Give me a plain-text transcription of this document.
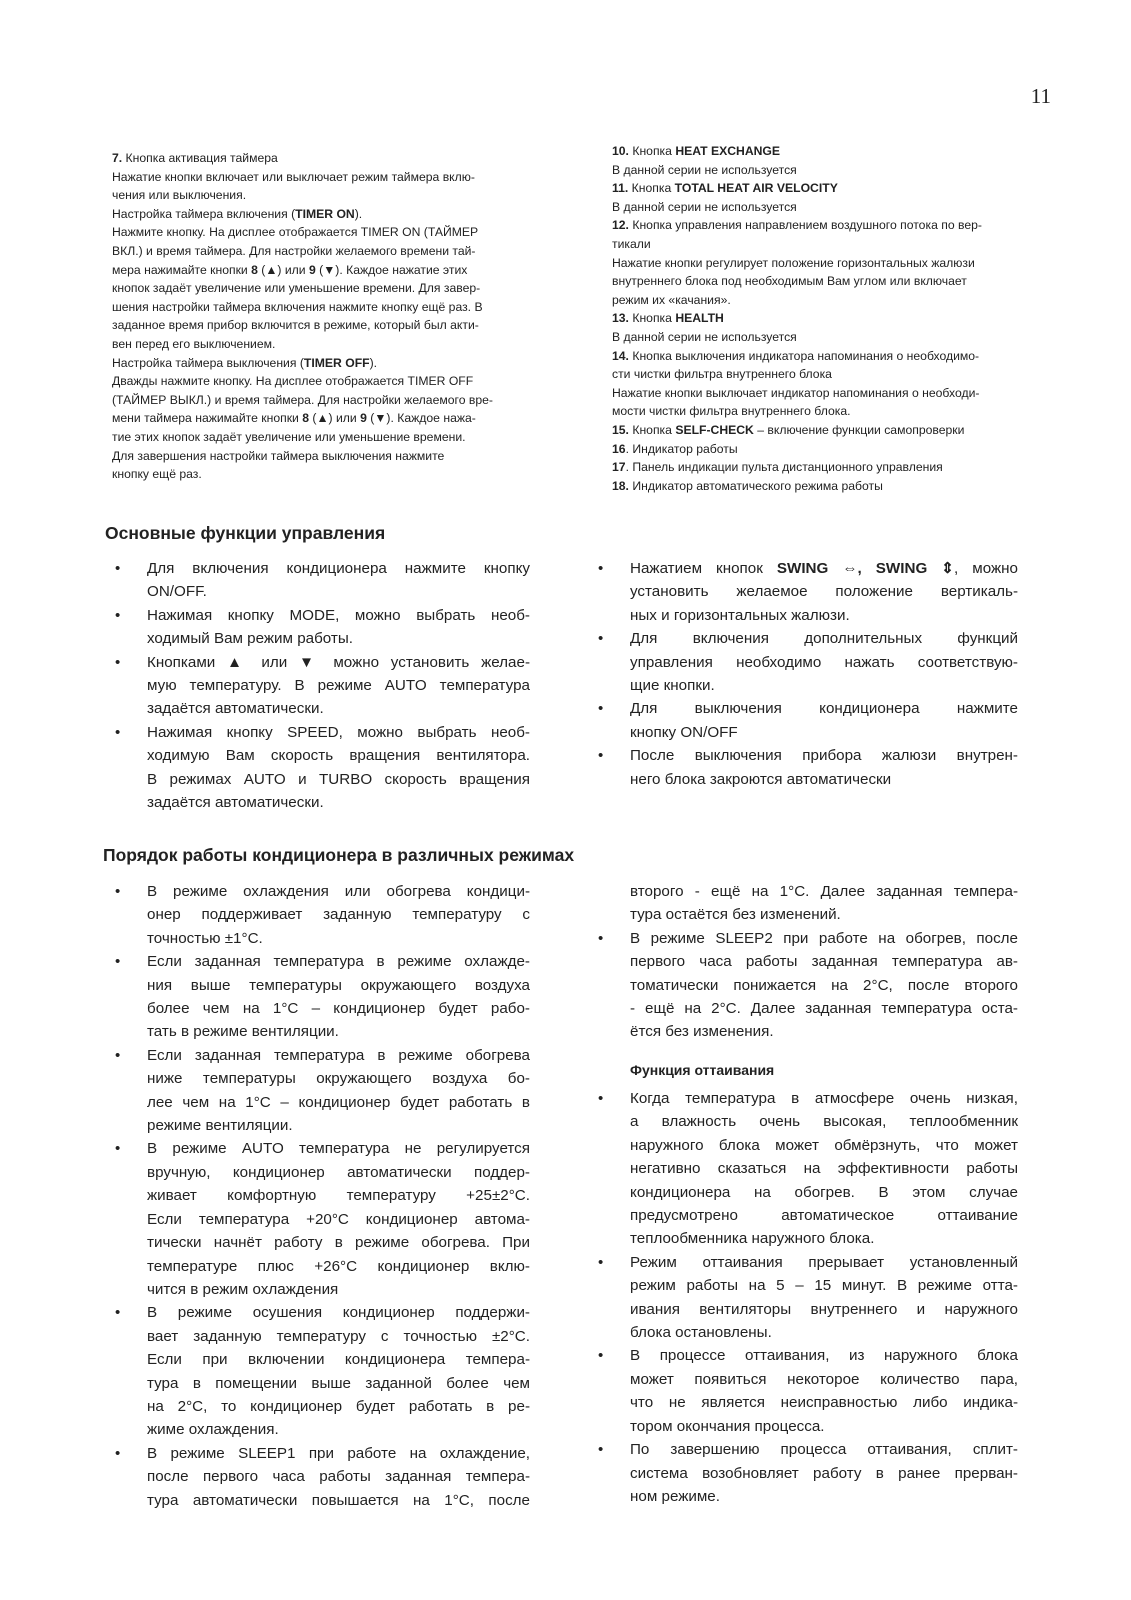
11

7. Кнопка активация таймера

Нажатие кнопки включает или выключает режим таймера вклю-

чения или выключения.

Настройка таймера включения (TIMER ON).

Нажмите кнопку. На дисплее отображается TIMER ON (ТАЙМЕР

ВКЛ.) и время таймера. Для настройки желаемого времени тай-

мера нажимайте кнопки 8 (▲) или 9 (▼). Каждое нажатие этих

кнопок задаёт увеличение или уменьшение времени. Для завер-

шения настройки таймера включения нажмите кнопку ещё раз. В

заданное время прибор включится в режиме, который был акти-

вен перед его выключением.

Настройка таймера выключения (TIMER OFF).

Дважды нажмите кнопку. На дисплее отображается TIMER OFF

(ТАЙМЕР ВЫКЛ.) и время таймера. Для настройки желаемого вре-

мени таймера нажимайте кнопки 8 (▲) или 9 (▼). Каждое нажа-

тие этих кнопок задаёт увеличение или уменьшение времени.

Для завершения настройки таймера выключения нажмите

кнопку ещё раз.

10. Кнопка HEAT EXCHANGE

В данной серии не используется

11. Кнопка TOTAL HEAT AIR VELOCITY

В данной серии не используется

12. Кнопка управления направлением воздушного потока по вер-

тикали

Нажатие кнопки регулирует положение горизонтальных жалюзи

внутреннего блока под необходимым Вам углом или включает

режим их «качания».

13. Кнопка HEALTH

В данной серии не используется

14. Кнопка выключения индикатора напоминания о необходимо-

сти чистки фильтра внутреннего блока

Нажатие кнопки выключает индикатор напоминания о необходи-

мости чистки фильтра внутреннего блока.

15. Кнопка SELF-CHECK – включение функции самопроверки

16. Индикатор работы

17. Панель индикации пульта дистанционного управления

18. Индикатор автоматического режима работы

Основные функции управления
• Для включения кондиционера нажмите кнопку
ON/OFF.
• Нажимая кнопку MODE, можно выбрать необ-
ходимый Вам режим работы.
• Кнопками ▲ или ▼ можно установить желае-
мую температуру. В режиме AUTO температура
задаётся автоматически.
• Нажимая кнопку SPEED, можно выбрать необ-
ходимую Вам скорость вращения вентилятора.
В режимах AUTO и TURBO скорость вращения
задаётся автоматически.
• Нажатием кнопок SWING ⇔, SWING ⇕, можно
установить желаемое положение вертикаль-
ных и горизонтальных жалюзи.
• Для включения дополнительных функций
управления необходимо нажать соответствую-
щие кнопки.
• Для выключения кондиционера нажмите
кнопку ON/OFF
• После выключения прибора жалюзи внутрен-
него блока закроются автоматически
Порядок работы кондиционера в различных режимах
• В режиме охлаждения или обогрева кондици-
онер поддерживает заданную температуру с
точностью ±1°С.
• Если заданная температура в режиме охлажде-
ния выше температуры окружающего воздуха
более чем на 1°С – кондиционер будет рабо-
тать в режиме вентиляции.
• Если заданная температура в режиме обогрева
ниже температуры окружающего воздуха бо-
лее чем на 1°С – кондиционер будет работать в
режиме вентиляции.
• В режиме AUTO температура не регулируется
вручную, кондиционер автоматически поддер-
живает комфортную температуру +25±2°С.
Если температура +20°С кондиционер автома-
тически начнёт работу в режиме обогрева. При
температуре плюс +26°С кондиционер вклю-
чится в режим охлаждения
• В режиме осушения кондиционер поддержи-
вает заданную температуру с точностью ±2°С.
Если при включении кондиционера темпера-
тура в помещении выше заданной более чем
на 2°С, то кондиционер будет работать в ре-
жиме охлаждения.
• В режиме SLEEP1 при работе на охлаждение,
после первого часа работы заданная темпера-
тура автоматически повышается на 1°С, после
второго - ещё на 1°С. Далее заданная темпера-
тура остаётся без изменений.
• В режиме SLEEP2 при работе на обогрев, после
первого часа работы заданная температура ав-
томатически понижается на 2°С, после второго
- ещё на 2°С. Далее заданная температура оста-
ётся без изменения.
Функция оттаивания
• Когда температура в атмосфере очень низкая,
а влажность очень высокая, теплообменник
наружного блока может обмёрзнуть, что может
негативно сказаться на эффективности работы
кондиционера на обогрев. В этом случае
предусмотрено автоматическое оттаивание
теплообменника наружного блока.
• Режим оттаивания прерывает установленный
режим работы на 5 – 15 минут. В режиме отта-
ивания вентиляторы внутреннего и наружного
блока остановлены.
• В процессе оттаивания, из наружного блока
может появиться некоторое количество пара,
что не является неисправностью либо индика-
тором окончания процесса.
• По завершению процесса оттаивания, сплит-
система возобновляет работу в ранее прерван-
ном режиме.
